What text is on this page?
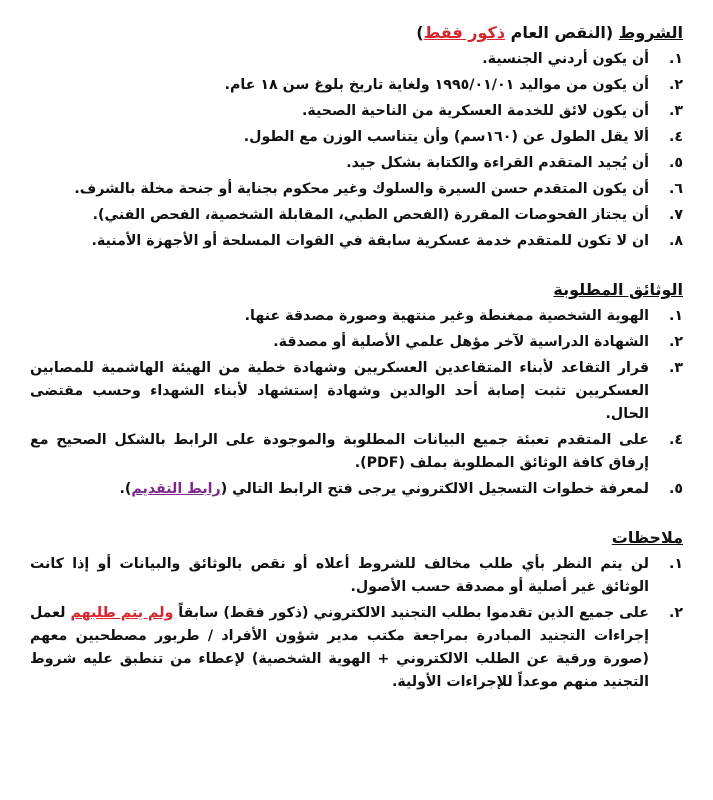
الشروط (النقص العام ذكور فقط)
١.
أن يكون أردني الجنسية.
٢.
أن يكون من مواليد ١٩٩٥/٠١/٠١ ولغاية تاريخ بلوغ سن ١٨ عام.
٣.
أن يكون لائق للخدمة العسكرية من الناحية الصحية.
٤.
ألا يقل الطول عن (١٦٠سم) وأن يتناسب الوزن مع الطول.
٥.
أن يُجيد المتقدم القراءة والكتابة بشكل جيد.
٦.
أن يكون المتقدم حسن السيرة والسلوك وغير محكوم بجناية أو جنحة مخلة بالشرف.
٧.
أن يجتاز الفحوصات المقررة (الفحص الطبي، المقابلة الشخصية، الفحص الفني).
٨.
ان لا تكون للمتقدم خدمة عسكرية سابقة في القوات المسلحة أو الأجهزة الأمنية.
الوثائق المطلوبة
١.
الهوية الشخصية ممغنطة وغير منتهية وصورة مصدقة عنها.
٢.
الشهادة الدراسية لآخر مؤهل علمي الأصلية أو مصدقة.
٣.
قرار التقاعد لأبناء المتقاعدين العسكريين وشهادة خطية من الهيئة الهاشمية للمصابين العسكريين تثبت إصابة أحد الوالدين وشهادة إستشهاد لأبناء الشهداء وحسب مقتضى الحال.
٤.
على المتقدم تعبئة جميع البيانات المطلوبة والموجودة على الرابط بالشكل الصحيح مع إرفاق كافة الوثائق المطلوبة بملف (PDF).
٥.
لمعرفة خطوات التسجيل الالكتروني يرجى فتح الرابط التالي (رابط التقديم).
ملاحظات
١.
لن يتم النظر بأي طلب مخالف للشروط أعلاه أو نقص بالوثائق والبيانات أو إذا كانت الوثائق غير أصلية أو مصدقة حسب الأصول.
٢.
على جميع الذين تقدموا بطلب التجنيد الالكتروني (ذكور فقط) سابقاً ولم يتم طلبهم لعمل إجراءات التجنيد المبادرة بمراجعة مكتب مدير شؤون الأفراد / طربور مصطحبين معهم (صورة ورقية عن الطلب الالكتروني + الهوية الشخصية) لإعطاء من تنطبق عليه شروط التجنيد منهم موعداً للإجراءات الأولية.
